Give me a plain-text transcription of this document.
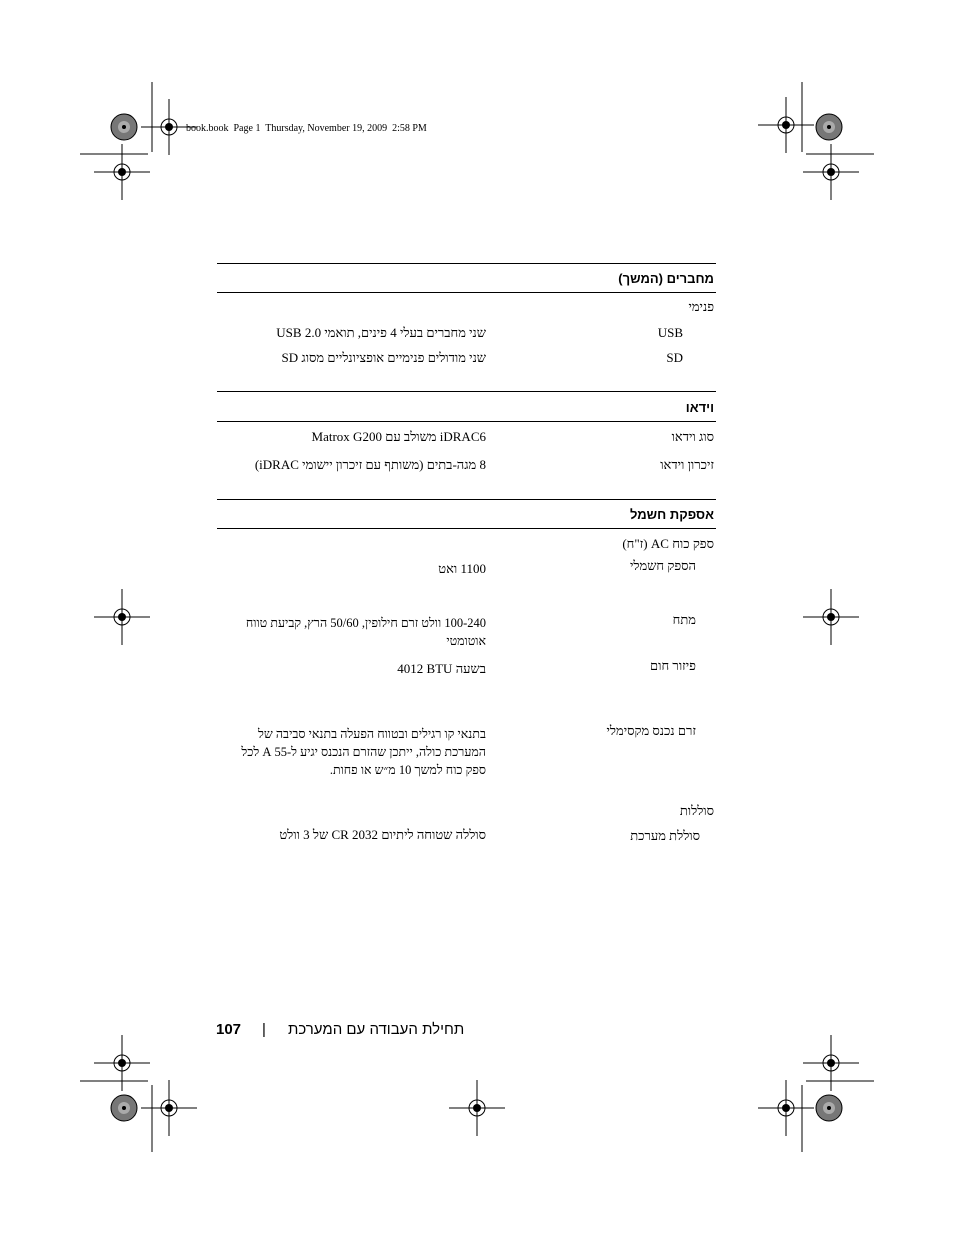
book.book  Page 1  Thursday, November 19, 2009  2:58 PM
מחברים (המשך)
פנימי
USB
שני מחברים בעלי 4 פינים, תואמי USB 2.0
SD
שני מודולים פנימיים אופציונליים מסוג SD
וידאו
סוג וידאו
Matrox G200 משולב עם iDRAC6
זיכרון וידאו
8 מגה-בתים (משותף עם זיכרון יישומי iDRAC)
אספקת חשמל
ספק כוח AC (ז"ח)
הספק חשמלי
1100 ואט
מתח
100-240 וולט זרם חילופין, 50/60 הרץ, קביעת טווח אוטומטי
פיזור חום
4012 BTU בשעה
זרם נכנס מקסימלי
בתנאי קו רגילים ובטווח הפעלה בתנאי סביבה של המערכת כולה, ייתכן שהזרם הנכנס יגיע ל-55 A לכל ספק כוח למשך 10 מ״ש או פחות.
סוללות
סוללת מערכת
סוללה שטוחה ליתיום CR 2032 של 3 וולט
107 | תחילת העבודה עם המערכת
